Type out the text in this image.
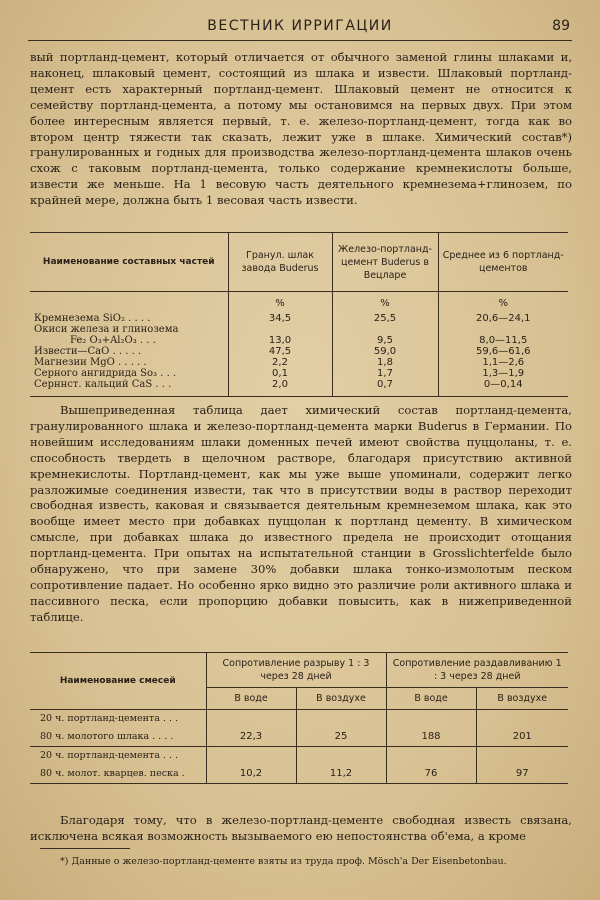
ВЕСТНИК ИРРИГАЦИИ	89
вый портланд-цемент, который отличается от обычного заменой глины шлаками и, наконец, шлаковый цемент, состоящий из шлака и извести. Шлаковый портланд-цемент есть характерный портланд-цемент. Шлаковый цемент не относится к семейству портланд-цемента, а потому мы остановимся на первых двух. При этом более интересным является первый, т. е. железо-портланд-цемент, тогда как во втором центр тяжести так сказать, лежит уже в шлаке. Химический состав*) гранулированных и годных для производства железо-портланд-цемента шлаков очень схож с таковым портланд-цемента, только содержание кремнекислоты больше, извести же меньше. На 1 весовую часть деятельного кремнезема+глинозем, по крайней мере, должна быть 1 весовая часть извести.
Наименование составных частей	Гранул. шлак завода Buderus	Железо-портланд-цемент Buderus в Вецларе	Среднее из 6 портланд-цементов
	%	%	%
Кремнезема SiO₂ . . . .	34,5	25,5	20,6—24,1
Окиси железа и глинозема			
Fe₂ O₃+Al₂O₃ . . .	13,0	9,5	8,0—11,5
Извести—CaO . . . . .	47,5	59,0	59,6—61,6
Магнезии MgO . . . . .	2,2	1,8	1,1—2,6
Серного ангидрида So₃ . . .	0,1	1,7	1,3—1,9
Серннст. кальций CaS . . .	2,0	0,7	0—0,14
Вышеприведенная таблица дает химический состав портланд-цемента, гранулированного шлака и железо-портланд-цемента марки Buderus в Германии. По новейшим исследованиям шлаки доменных печей имеют свойства пуццоланы, т. е. способность твердеть в щелочном растворе, благодаря присутствию активной кремнекислоты. Портланд-цемент, как мы уже выше упоминали, содержит легко разложимые соединения извести, так что в присутствии воды в раствор переходит свободная известь, каковая и связывается деятельным кремнеземом шлака, как это вообще имеет место при добавках пуццолан к портланд цементу. В химическом смысле, при добавках шлака до известного предела не происходит отощания портланд-цемента. При опытах на испытательной станции в Grosslichterfelde было обнаружено, что при замене 30% добавки шлака тонко-измолотым песком сопротивление падает. Но особенно ярко видно это различие роли активного шлака и пассивного песка, если пропорцию добавки повысить, как в нижеприведенной таблице.
Наименование смесей	Сопротивление разрыву 1 : 3 через 28 дней		Сопротивление раздавливанию 1 : 3 через 28 дней	
	В воде	В воздухе	В воде	В воздухе
20 ч. портланд-цемента . . .				
80 ч. молотого шлака . . . .	22,3	25	188	201
20 ч. портланд-цемента . . .				
80 ч. молот. кварцев. песка .	10,2	11,2	76	97
Благодаря тому, что в железо-портланд-цементе свободная известь связана, исключена всякая возможность вызываемого ею непостоянства об'ема, а кроме
*) Данные о железо-портланд-цементе взяты из труда проф. Mösch'a Der Eisenbetonbau.
